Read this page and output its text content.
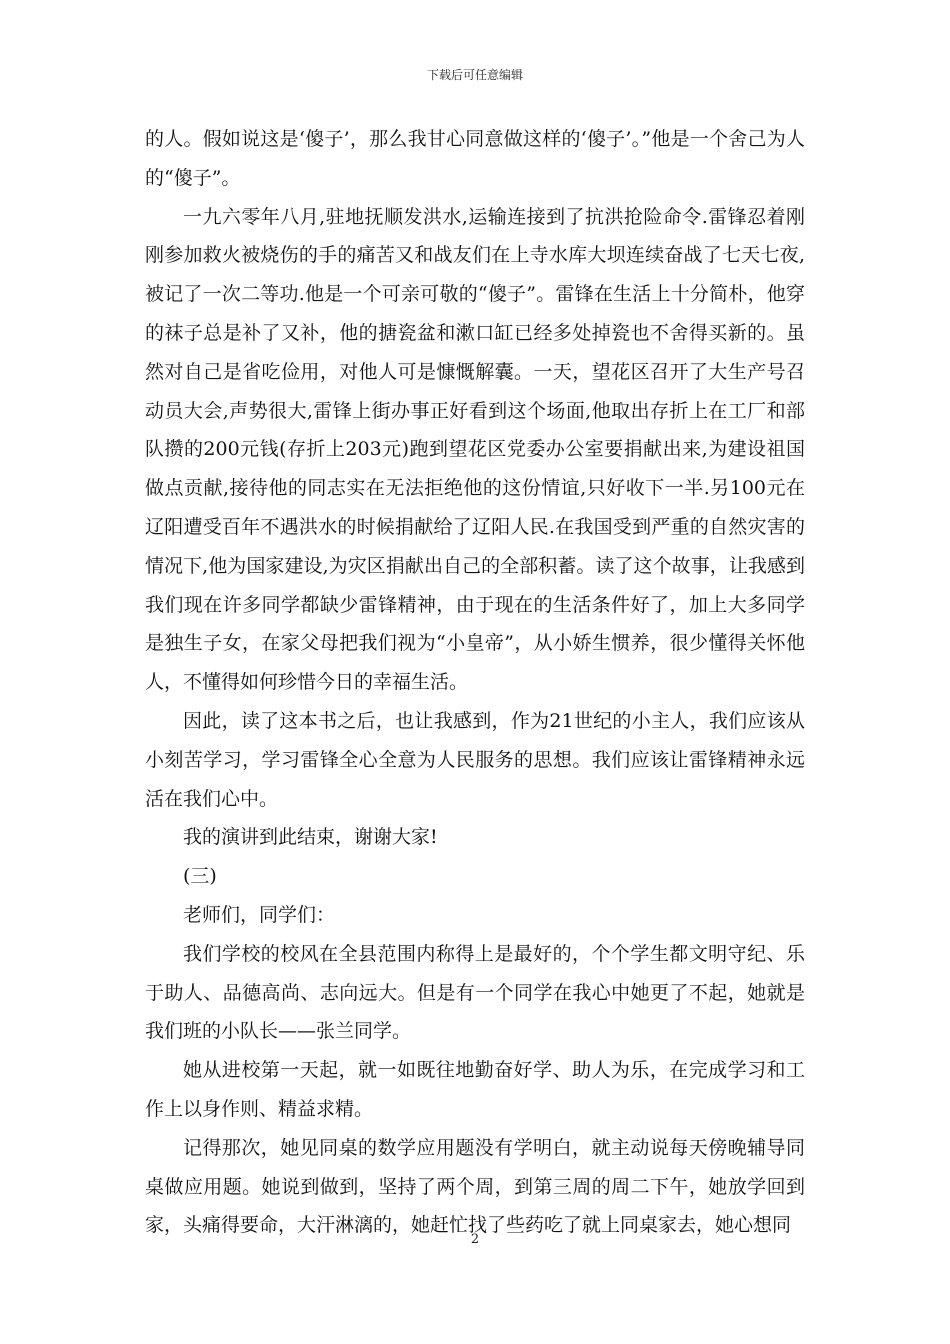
下载后可任意编辑

的人。假如说这是‘傻子’，那么我甘心同意做这样的‘傻子’。”他是一个舍己为人的“傻子”。

一九六零年八月,驻地抚顺发洪水,运输连接到了抗洪抢险命令.雷锋忍着刚刚参加救火被烧伤的手的痛苦又和战友们在上寺水库大坝连续奋战了七天七夜,被记了一次二等功.他是一个可亲可敬的“傻子”。雷锋在生活上十分简朴，他穿的袜子总是补了又补，他的搪瓷盆和漱口缸已经多处掉瓷也不舍得买新的。虽然对自己是省吃俭用，对他人可是慷慨解囊。一天，望花区召开了大生产号召动员大会,声势很大,雷锋上街办事正好看到这个场面,他取出存折上在工厂和部队攒的200元钱(存折上203元)跑到望花区党委办公室要捐献出来,为建设祖国做点贡献,接待他的同志实在无法拒绝他的这份情谊,只好收下一半.另100元在辽阳遭受百年不遇洪水的时候捐献给了辽阳人民.在我国受到严重的自然灾害的情况下,他为国家建设,为灾区捐献出自己的全部积蓄。读了这个故事，让我感到我们现在许多同学都缺少雷锋精神，由于现在的生活条件好了，加上大多同学是独生子女，在家父母把我们视为“小皇帝”，从小娇生惯养，很少懂得关怀他人，不懂得如何珍惜今日的幸福生活。

因此，读了这本书之后，也让我感到，作为21世纪的小主人，我们应该从小刻苦学习，学习雷锋全心全意为人民服务的思想。我们应该让雷锋精神永远活在我们心中。

我的演讲到此结束，谢谢大家!

(三)

老师们，同学们：

我们学校的校风在全县范围内称得上是最好的，个个学生都文明守纪、乐于助人、品德高尚、志向远大。但是有一个同学在我心中她更了不起，她就是我们班的小队长——张兰同学。

她从进校第一天起，就一如既往地勤奋好学、助人为乐，在完成学习和工作上以身作则、精益求精。

记得那次，她见同桌的数学应用题没有学明白，就主动说每天傍晚辅导同桌做应用题。她说到做到，坚持了两个周，到第三周的周二下午，她放学回到家，头痛得要命，大汗淋漓的，她赶忙找了些药吃了就上同桌家去，她心想同

2
